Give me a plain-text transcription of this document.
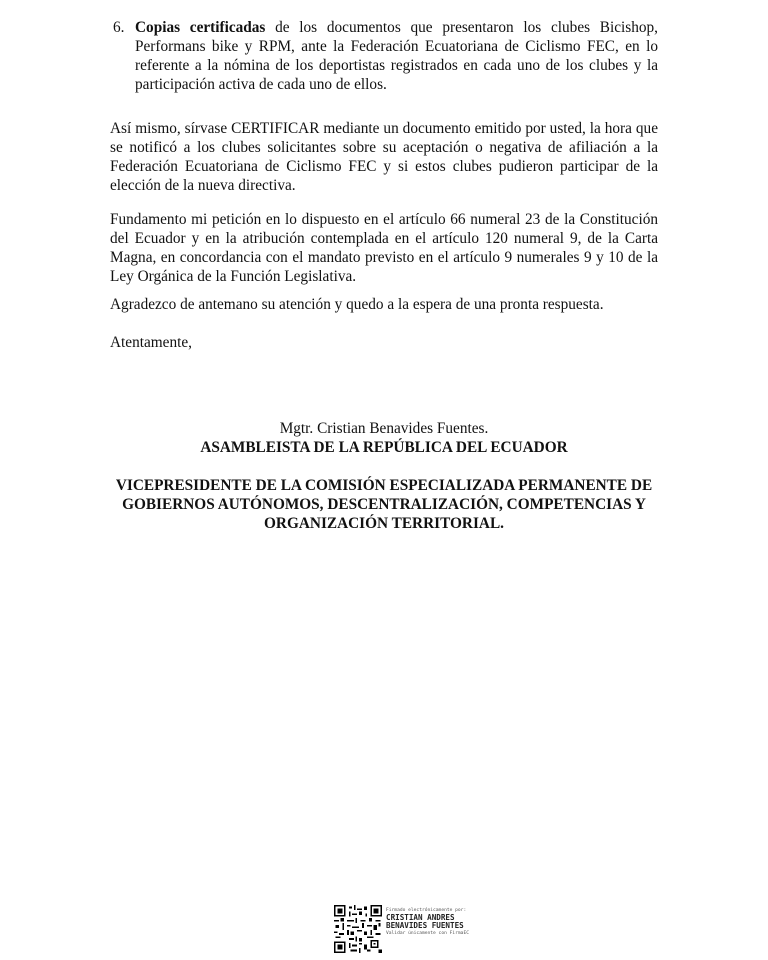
6. Copias certificadas de los documentos que presentaron los clubes Bicishop, Performans bike y RPM, ante la Federación Ecuatoriana de Ciclismo FEC, en lo referente a la nómina de los deportistas registrados en cada uno de los clubes y la participación activa de cada uno de ellos.

Así mismo, sírvase CERTIFICAR mediante un documento emitido por usted, la hora que se notificó a los clubes solicitantes sobre su aceptación o negativa de afiliación a la Federación Ecuatoriana de Ciclismo FEC y si estos clubes pudieron participar de la elección de la nueva directiva.

Fundamento mi petición en lo dispuesto en el artículo 66 numeral 23 de la Constitución del Ecuador y en la atribución contemplada en el artículo 120 numeral 9, de la Carta Magna, en concordancia con el mandato previsto en el artículo 9 numerales 9 y 10 de la Ley Orgánica de la Función Legislativa.

Agradezco de antemano su atención y quedo a la espera de una pronta respuesta.

Atentamente,

Mgtr. Cristian Benavides Fuentes.

ASAMBLEISTA DE LA REPÚBLICA DEL ECUADOR

VICEPRESIDENTE DE LA COMISIÓN ESPECIALIZADA PERMANENTE DE GOBIERNOS AUTÓNOMOS, DESCENTRALIZACIÓN, COMPETENCIAS Y ORGANIZACIÓN TERRITORIAL.

Firmado electrónicamente por:
CRISTIAN ANDRES
BENAVIDES FUENTES
Validar únicamente con FirmaEC
